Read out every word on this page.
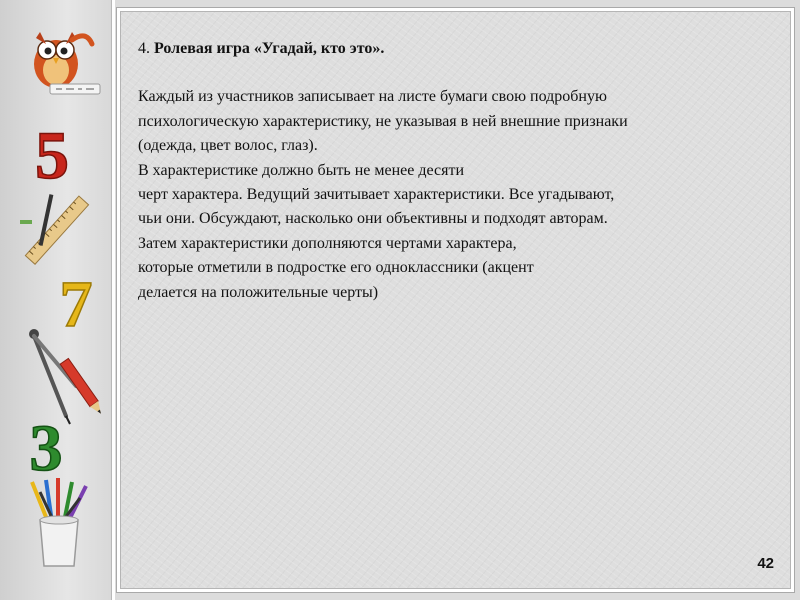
5
7
3
4. Ролевая игра «Угадай, кто это».

Каждый из участников записывает на листе бумаги свою подробную

психологическую характеристику, не указывая в ней внешние признаки

(одежда, цвет волос, глаз).

В характеристике должно быть не менее десяти

черт характера. Ведущий зачитывает характеристики. Все угадывают,

чьи они. Обсуждают, насколько они объективны и подходят авторам.

Затем характеристики дополняются чертами характера,

которые отметили в подростке его одноклассники (акцент

делается на положительные черты)

42
